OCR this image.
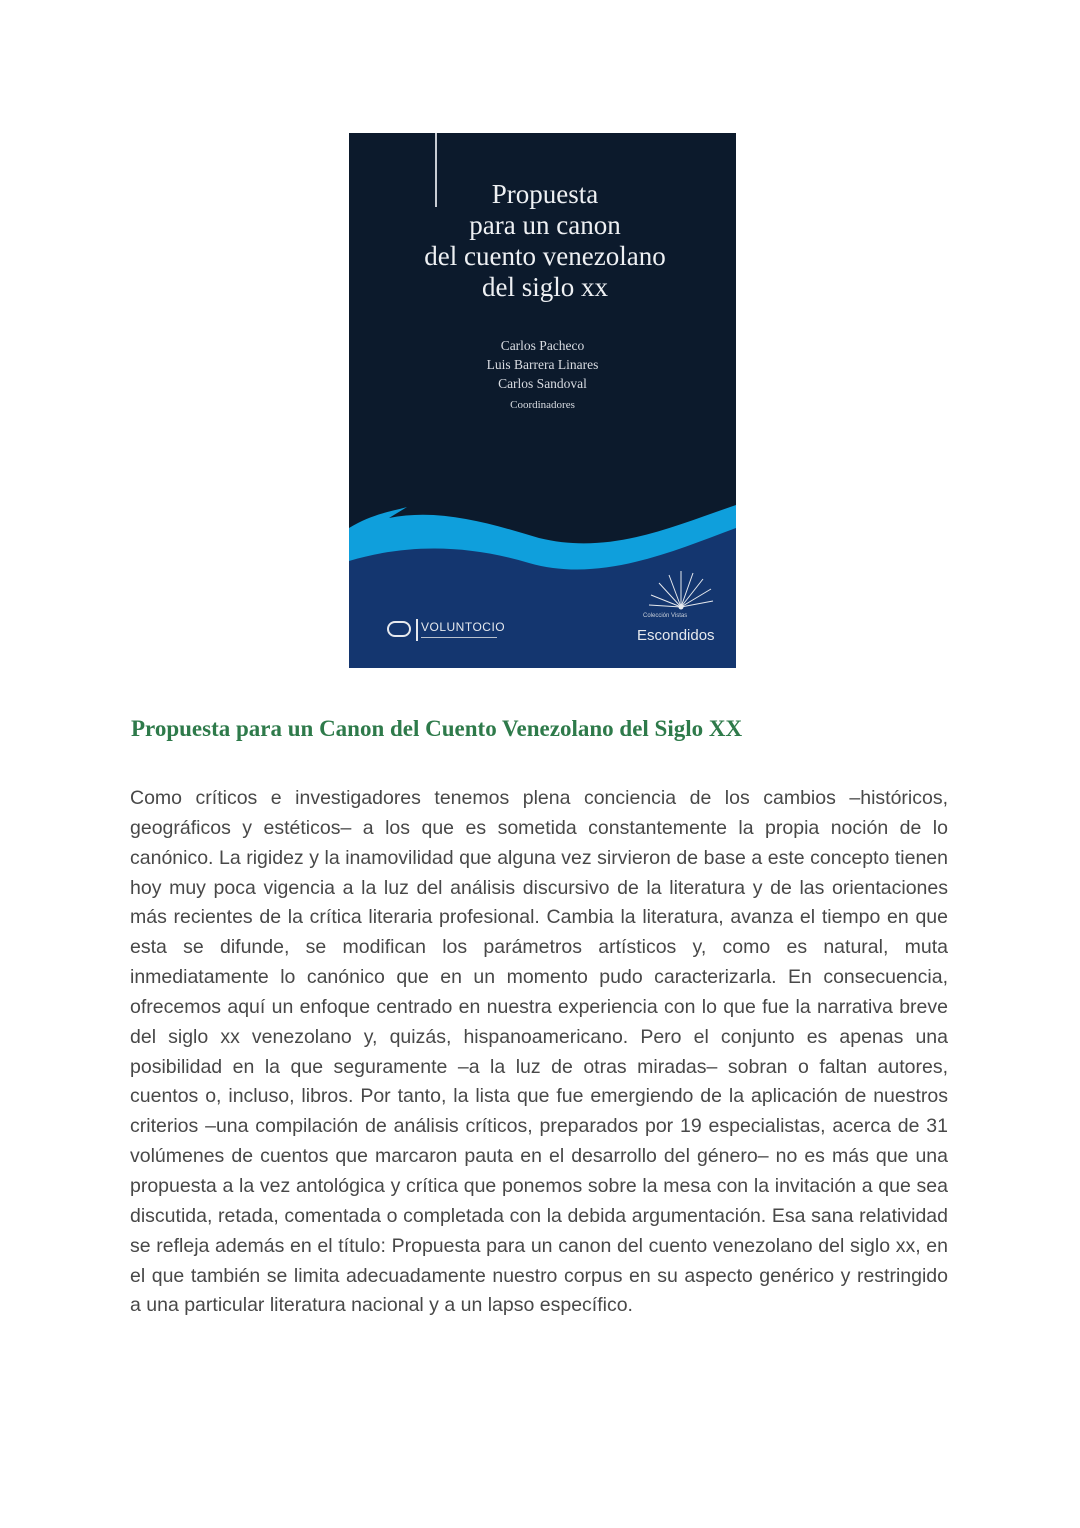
Propuesta
para un canon
del cuento venezolano
del siglo xx
Carlos Pacheco
Luis Barrera Linares
Carlos Sandoval
Coordinadores
VOLUNTOCIO
Colección Vistas
Escondidos
Propuesta para un Canon del Cuento Venezolano del Siglo XX

Como críticos e investigadores tenemos plena conciencia de los cambios –históricos, geográficos y estéticos– a los que es sometida constantemente la propia noción de lo canónico. La rigidez y la inamovilidad que alguna vez sirvieron de base a este concepto tienen hoy muy poca vigencia a la luz del análisis discursivo de la literatura y de las orientaciones más recientes de la crítica literaria profesional. Cambia la literatura, avanza el tiempo en que esta se difunde, se modifican los parámetros artísticos y, como es natural, muta inmediatamente lo canónico que en un momento pudo caracterizarla. En consecuencia, ofrecemos aquí un enfoque centrado en nuestra experiencia con lo que fue la narrativa breve del siglo xx venezolano y, quizás, hispanoamericano. Pero el conjunto es apenas una posibilidad en la que seguramente –a la luz de otras miradas– sobran o faltan autores, cuentos o, incluso, libros. Por tanto, la lista que fue emergiendo de la aplicación de nuestros criterios –una compilación de análisis críticos, preparados por 19 especialistas, acerca de 31 volúmenes de cuentos que marcaron pauta en el desarrollo del género– no es más que una propuesta a la vez antológica y crítica que ponemos sobre la mesa con la invitación a que sea discutida, retada, comentada o completada con la debida argumentación. Esa sana relatividad se refleja además en el título: Propuesta para un canon del cuento venezolano del siglo xx, en el que también se limita adecuadamente nuestro corpus en su aspecto genérico y restringido a una particular literatura nacional y a un lapso específico.
